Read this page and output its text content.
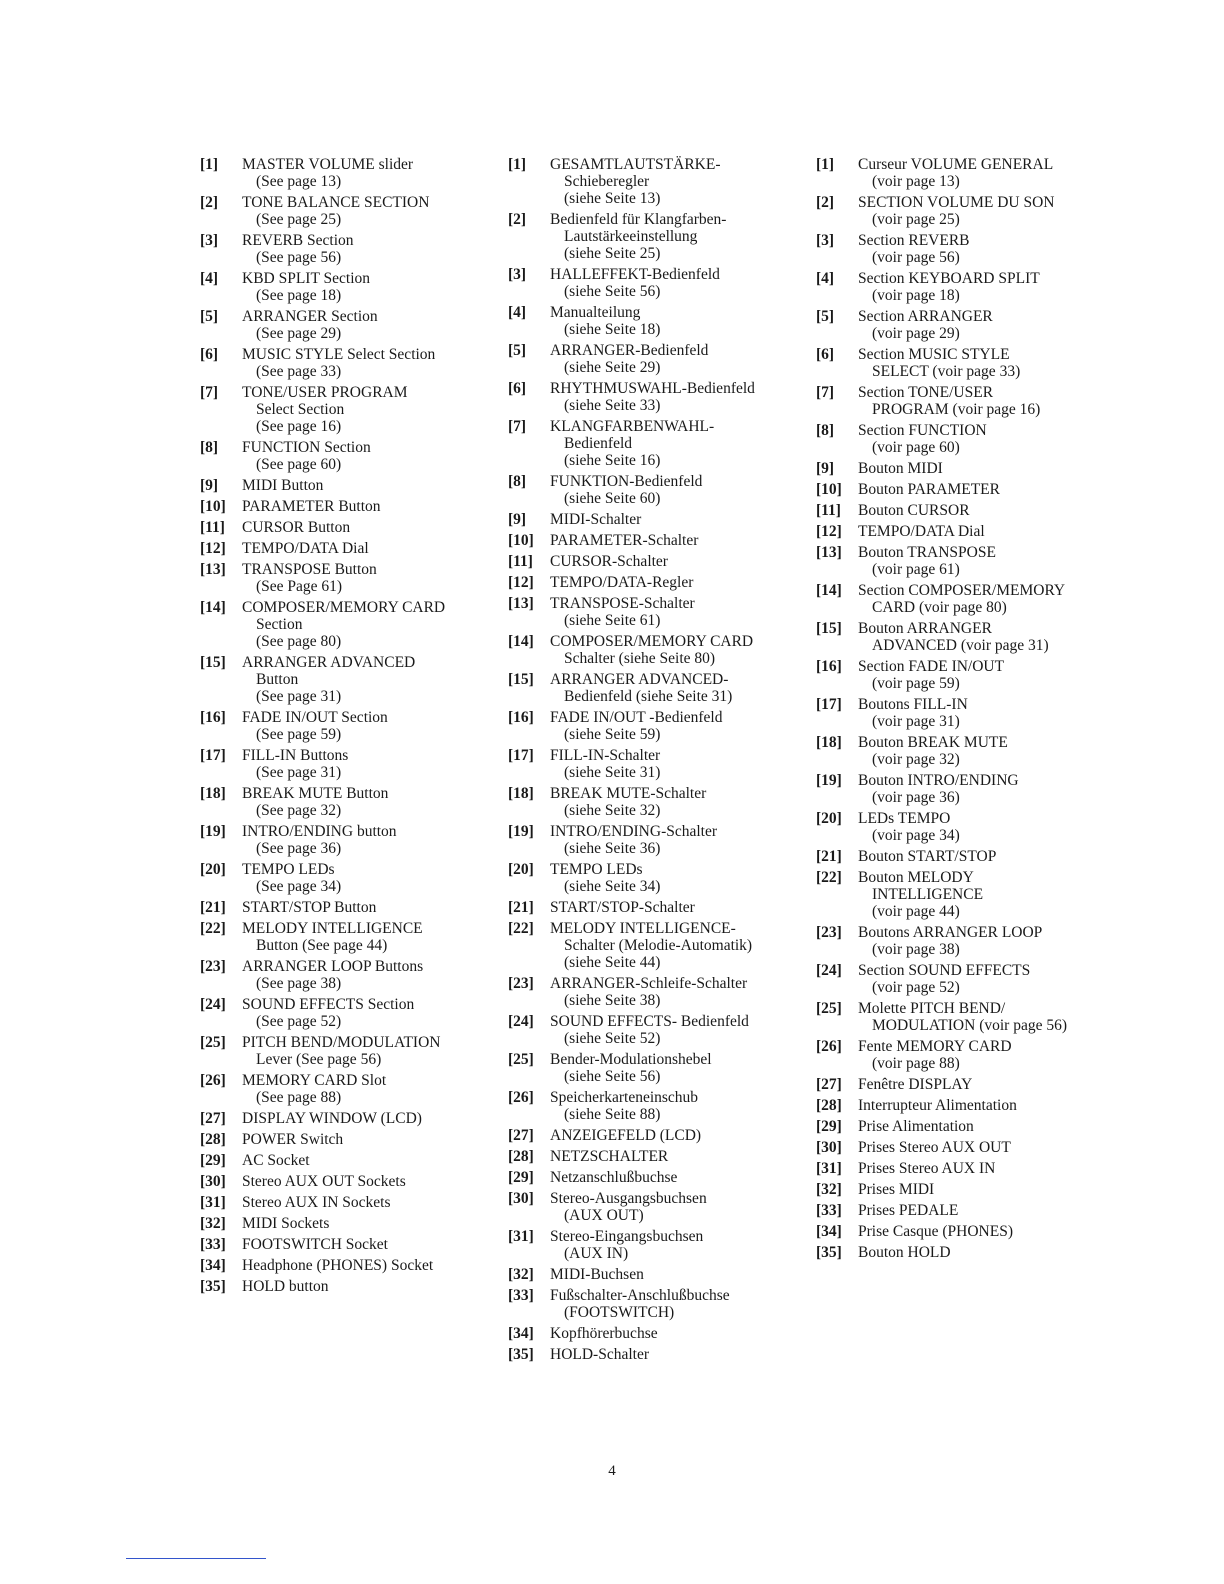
[1] MASTER VOLUME slider
(See page 13)
[2] TONE BALANCE SECTION
(See page 25)
[3] REVERB Section
(See page 56)
[4] KBD SPLIT Section
(See page 18)
[5] ARRANGER Section
(See page 29)
[6] MUSIC STYLE Select Section
(See page 33)
[7] TONE/USER PROGRAM
Select Section
(See page 16)
[8] FUNCTION Section
(See page 60)
[9] MIDI Button
[10] PARAMETER Button
[11] CURSOR Button
[12] TEMPO/DATA Dial
[13] TRANSPOSE Button
(See Page 61)
[14] COMPOSER/MEMORY CARD
Section
(See page 80)
[15] ARRANGER ADVANCED
Button
(See page 31)
[16] FADE IN/OUT Section
(See page 59)
[17] FILL-IN Buttons
(See page 31)
[18] BREAK MUTE Button
(See page 32)
[19] INTRO/ENDING button
(See page 36)
[20] TEMPO LEDs
(See page 34)
[21] START/STOP Button
[22] MELODY INTELLIGENCE
Button (See page 44)
[23] ARRANGER LOOP Buttons
(See page 38)
[24] SOUND EFFECTS Section
(See page 52)
[25] PITCH BEND/MODULATION
Lever (See page 56)
[26] MEMORY CARD Slot
(See page 88)
[27] DISPLAY WINDOW (LCD)
[28] POWER Switch
[29] AC Socket
[30] Stereo AUX OUT Sockets
[31] Stereo AUX IN Sockets
[32] MIDI Sockets
[33] FOOTSWITCH Socket
[34] Headphone (PHONES) Socket
[35] HOLD button
[1] GESAMTLAUTSTÄRKE-
Schieberegler
(siehe Seite 13)
[2] Bedienfeld für Klangfarben-
Lautstärkeeinstellung
(siehe Seite 25)
[3] HALLEFFEKT-Bedienfeld
(siehe Seite 56)
[4] Manualteilung
(siehe Seite 18)
[5] ARRANGER-Bedienfeld
(siehe Seite 29)
[6] RHYTHMUSWAHL-Bedienfeld
(siehe Seite 33)
[7] KLANGFARBENWAHL-
Bedienfeld
(siehe Seite 16)
[8] FUNKTION-Bedienfeld
(siehe Seite 60)
[9] MIDI-Schalter
[10] PARAMETER-Schalter
[11] CURSOR-Schalter
[12] TEMPO/DATA-Regler
[13] TRANSPOSE-Schalter
(siehe Seite 61)
[14] COMPOSER/MEMORY CARD
Schalter (siehe Seite 80)
[15] ARRANGER ADVANCED-
Bedienfeld (siehe Seite 31)
[16] FADE IN/OUT -Bedienfeld
(siehe Seite 59)
[17] FILL-IN-Schalter
(siehe Seite 31)
[18] BREAK MUTE-Schalter
(siehe Seite 32)
[19] INTRO/ENDING-Schalter
(siehe Seite 36)
[20] TEMPO LEDs
(siehe Seite 34)
[21] START/STOP-Schalter
[22] MELODY INTELLIGENCE-
Schalter (Melodie-Automatik)
(siehe Seite 44)
[23] ARRANGER-Schleife-Schalter
(siehe Seite 38)
[24] SOUND EFFECTS- Bedienfeld
(siehe Seite 52)
[25] Bender-Modulationshebel
(siehe Seite 56)
[26] Speicherkarteneinschub
(siehe Seite 88)
[27] ANZEIGEFELD (LCD)
[28] NETZSCHALTER
[29] Netzanschlußbuchse
[30] Stereo-Ausgangsbuchsen
(AUX OUT)
[31] Stereo-Eingangsbuchsen
(AUX IN)
[32] MIDI-Buchsen
[33] Fußschalter-Anschlußbuchse
(FOOTSWITCH)
[34] Kopfhörerbuchse
[35] HOLD-Schalter
[1] Curseur VOLUME GENERAL
(voir page 13)
[2] SECTION VOLUME DU SON
(voir page 25)
[3] Section REVERB
(voir page 56)
[4] Section KEYBOARD SPLIT
(voir page 18)
[5] Section ARRANGER
(voir page 29)
[6] Section MUSIC STYLE
SELECT (voir page 33)
[7] Section TONE/USER
PROGRAM (voir page 16)
[8] Section FUNCTION
(voir page 60)
[9] Bouton MIDI
[10] Bouton PARAMETER
[11] Bouton CURSOR
[12] TEMPO/DATA Dial
[13] Bouton TRANSPOSE
(voir page 61)
[14] Section COMPOSER/MEMORY
CARD (voir page 80)
[15] Bouton ARRANGER
ADVANCED (voir page 31)
[16] Section FADE IN/OUT
(voir page 59)
[17] Boutons FILL-IN
(voir page 31)
[18] Bouton BREAK MUTE
(voir page 32)
[19] Bouton INTRO/ENDING
(voir page 36)
[20] LEDs TEMPO
(voir page 34)
[21] Bouton START/STOP
[22] Bouton MELODY
INTELLIGENCE
(voir page 44)
[23] Boutons ARRANGER LOOP
(voir page 38)
[24] Section SOUND EFFECTS
(voir page 52)
[25] Molette PITCH BEND/
MODULATION (voir page 56)
[26] Fente MEMORY CARD
(voir page 88)
[27] Fenêtre DISPLAY
[28] Interrupteur Alimentation
[29] Prise Alimentation
[30] Prises Stereo AUX OUT
[31] Prises Stereo AUX IN
[32] Prises MIDI
[33] Prises PEDALE
[34] Prise Casque (PHONES)
[35] Bouton HOLD
4
